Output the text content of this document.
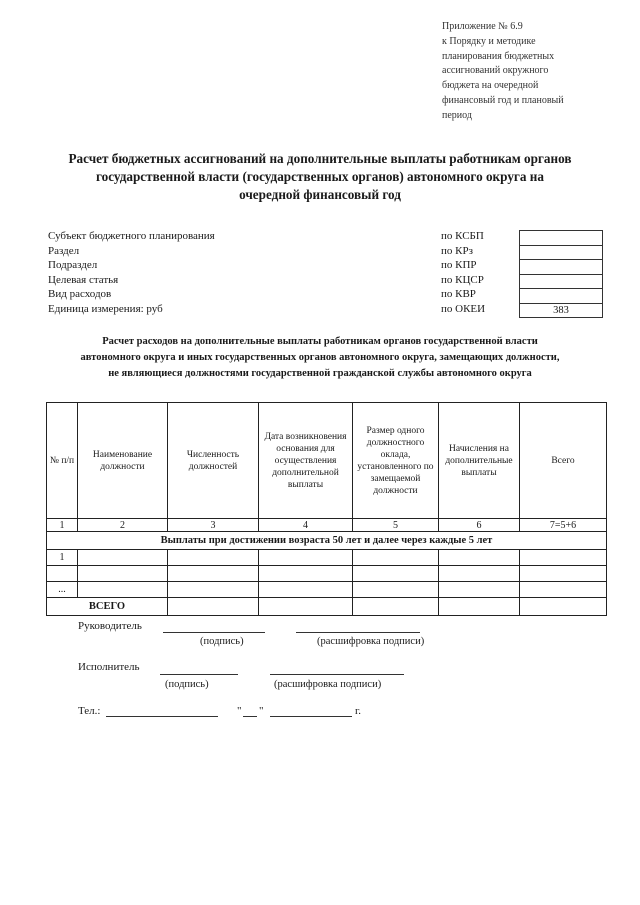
Приложение № 6.9
к Порядку и методике
планирования бюджетных
ассигнований окружного
бюджета на очередной
финансовый год и плановый
период
Расчет бюджетных ассигнований на дополнительные выплаты работникам органов
государственной власти (государственных органов) автономного округа на
очередной финансовый год
Субъект бюджетного планирования	по КСБП
Раздел	по КРз
Подраздел	по КПР
Целевая статья	по КЦСР
Вид расходов	по КВР
Единица измерения: руб	по ОКЕИ	383
Расчет расходов на дополнительные выплаты работникам органов государственной власти
автономного округа и иных государственных органов автономного округа, замещающих должности,
не являющиеся должностями государственной гражданской службы автономного округа
№ п/п	Наименование должности	Численность должностей	Дата возникновения основания для осуществления дополнительной выплаты	Размер одного должностного оклада, установленного по замещаемой должности	Начисления на дополнительные выплаты	Всего
1	2	3	4	5	6	7=5+6
Выплаты при достижении возраста 50 лет и далее через каждые 5 лет						
1						

...						
ВСЕГО						
Руководитель
(подпись)	(расшифровка подписи)
Исполнитель
(подпись)	(расшифровка подписи)
Тел.:	" "	г.
